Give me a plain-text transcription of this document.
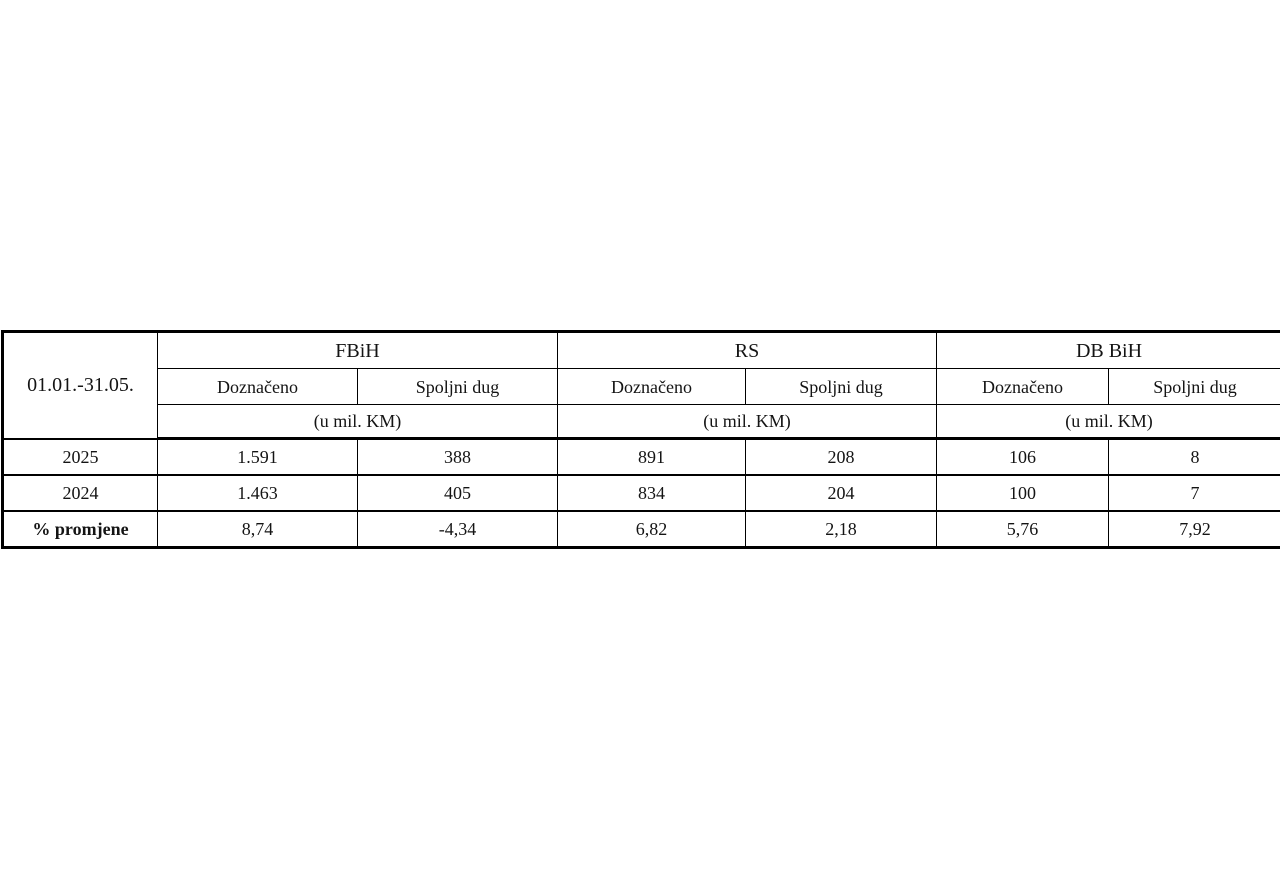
01.01.-31.05.	FBiH		RS		DB BiH	
	Doznačeno	Spoljni dug	Doznačeno	Spoljni dug	Doznačeno	Spoljni dug
	(u mil. KM)		(u mil. KM)		(u mil. KM)	
2025	1.591	388	891	208	106	8
2024	1.463	405	834	204	100	7
% promjene	8,74	-4,34	6,82	2,18	5,76	7,92
